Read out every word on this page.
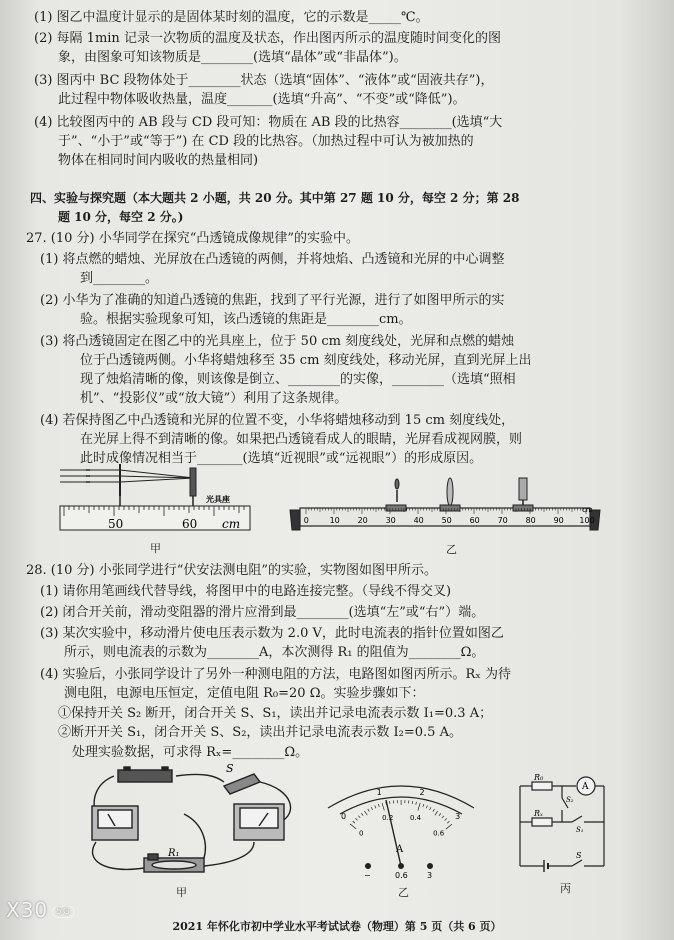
(1) 图乙中温度计显示的是固体某时刻的温度，它的示数是_____℃。
(2) 每隔 1min 记录一次物质的温度及状态，作出图丙所示的温度随时间变化的图
象，由图象可知该物质是________(选填“晶体”或“非晶体”)。
(3) 图丙中 BC 段物体处于________状态（选填“固体”、“液体”或“固液共存”)，
此过程中物体吸收热量，温度_______(选填“升高”、“不变”或“降低”)。
(4) 比较图丙中的 AB 段与 CD 段可知：物质在 AB 段的比热容________(选填“大
于”、“小于”或“等于”) 在 CD 段的比热容。（加热过程中可认为被加热的
物体在相同时间内吸收的热量相同)
四、实验与探究题（本大题共 2 小题，共 20 分。其中第 27 题 10 分，每空 2 分；第 28
题 10 分，每空 2 分。)
27. (10 分) 小华同学在探究“凸透镜成像规律”的实验中。
(1) 将点燃的蜡烛、光屏放在凸透镜的两侧，并将烛焰、凸透镜和光屏的中心调整
到________。
(2) 小华为了准确的知道凸透镜的焦距，找到了平行光源，进行了如图甲所示的实
验。根据实验现象可知，该凸透镜的焦距是________cm。
(3) 将凸透镜固定在图乙中的光具座上，位于 50 cm 刻度线处，光屏和点燃的蜡烛
位于凸透镜两侧。小华将蜡烛移至 35 cm 刻度线处，移动光屏，直到光屏上出
现了烛焰清晰的像，则该像是倒立、________的实像，________（选填“照相
机”、“投影仪”或“放大镜”）利用了这条规律。
(4) 若保持图乙中凸透镜和光屏的位置不变，小华将蜡烛移动到 15 cm 刻度线处，
在光屏上得不到清晰的像。如果把凸透镜看成人的眼睛，光屏看成视网膜，则
此时成像情况相当于_______(选填“近视眼”或“远视眼”）的形成原因。
28. (10 分) 小张同学进行“伏安法测电阻”的实验，实物图如图甲所示。
(1) 请你用笔画线代替导线，将图甲中的电路连接完整。（导线不得交叉)
(2) 闭合开关前，滑动变阻器的滑片应滑到最________(选填“左”或“右”）端。
(3) 某次实验中，移动滑片使电压表示数为 2.0 V，此时电流表的指针位置如图乙
所示，则电流表的示数为________A，本次测得 R₁ 的阻值为________Ω。
(4) 实验后，小张同学设计了另外一种测电阻的方法，电路图如图丙所示。Rₓ 为待
测电阻，电源电压恒定，定值电阻 R₀=20 Ω。实验步骤如下：
①保持开关 S₂ 断开，闭合开关 S、S₁，读出并记录电流表示数 I₁=0.3 A；
②断开开关 S₁，闭合开关 S、S₂，读出并记录电流表示数 I₂=0.5 A。
处理实验数据，可求得 Rₓ=________Ω。
光具座
50	60 cm
甲
0	10 20 30 40 50 60 70 80 90 100
cm
乙
S
R₁
甲
0
1	2
3
0
0.2 0.4
0.6
A
−	0.6 3
乙
R₀
A
Rₓ
S₂
S₁
S
丙
X30 5G
2021 年怀化市初中学业水平考试试卷（物理）第 5 页（共 6 页）
